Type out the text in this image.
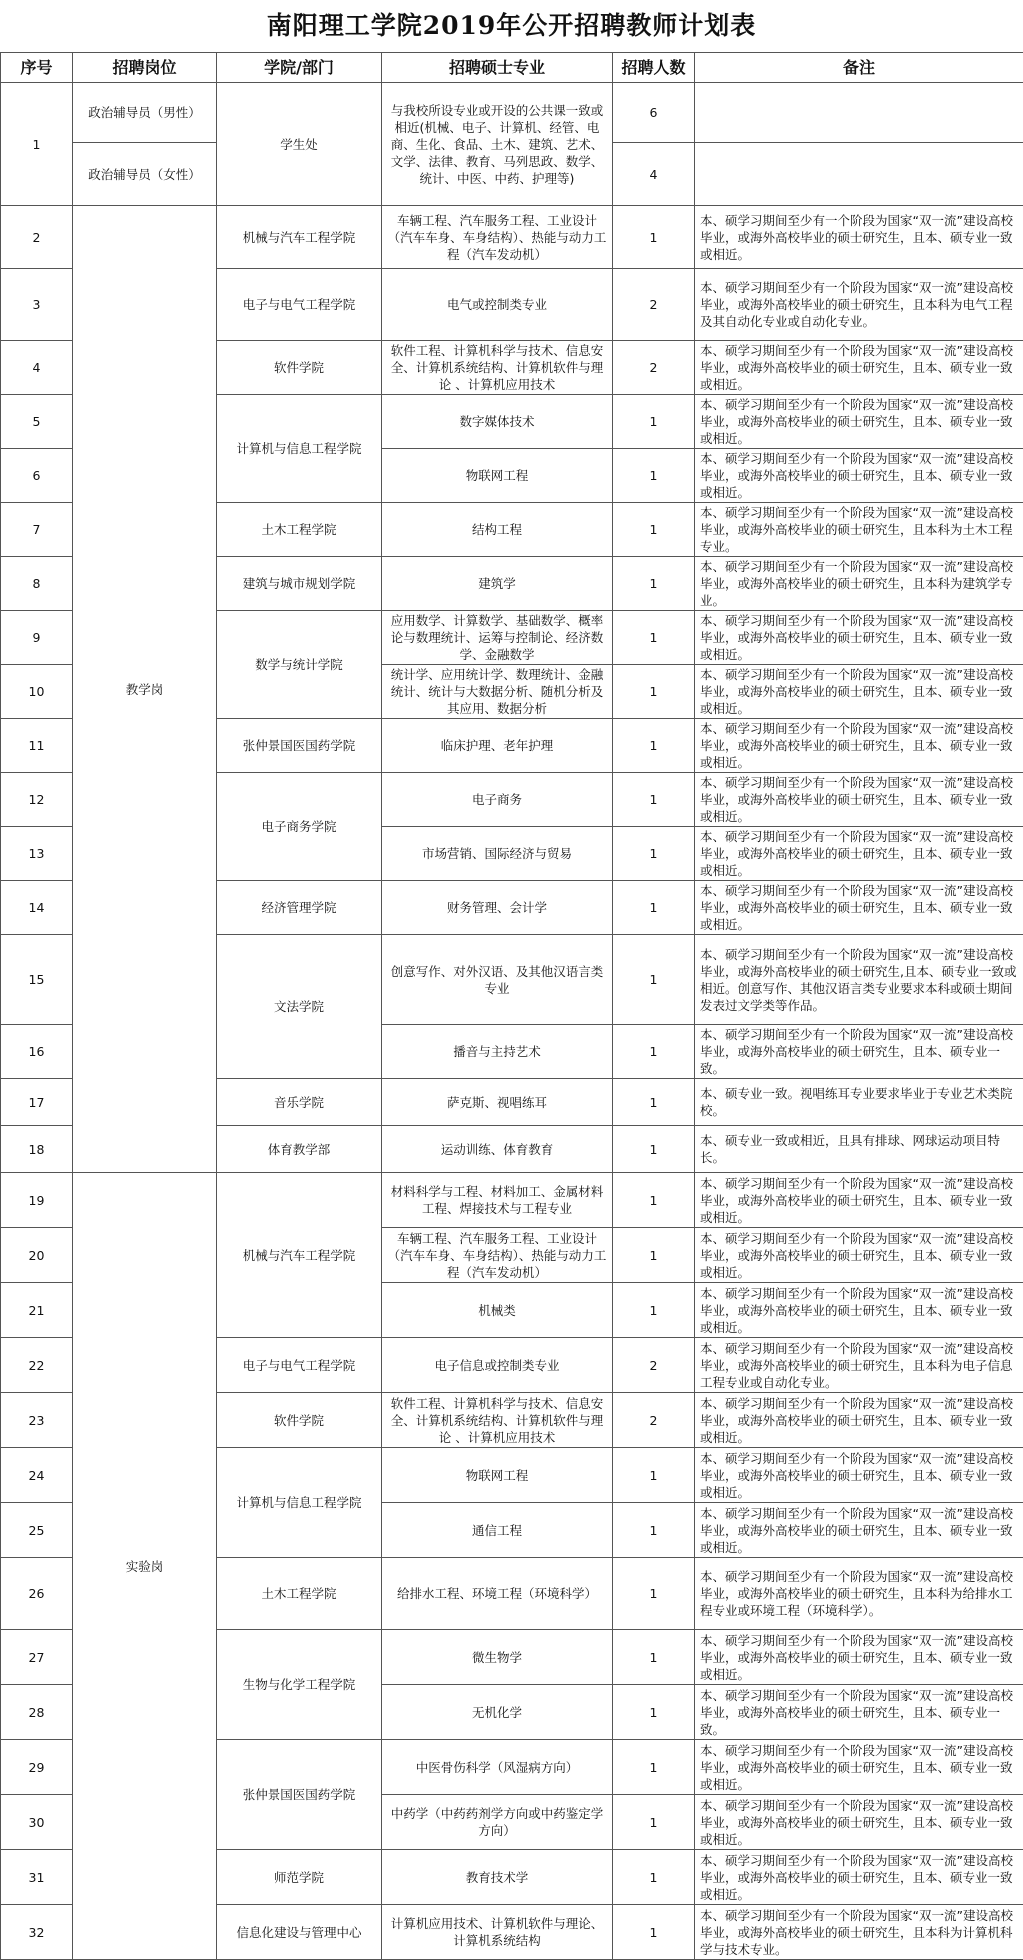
南阳理工学院2019年公开招聘教师计划表
序号	招聘岗位	学院/部门	招聘硕士专业	招聘人数	备注
1	政治辅导员（男性）	学生处	与我校所设专业或开设的公共课一致或相近(机械、电子、计算机、经管、电商、生化、食品、土木、建筑、艺术、文学、法律、教育、马列思政、数学、统计、中医、中药、护理等)	6	
	政治辅导员（女性）			4	
2	教学岗	机械与汽车工程学院	车辆工程、汽车服务工程、工业设计（汽车车身、车身结构）、热能与动力工程（汽车发动机）	1	本、硕学习期间至少有一个阶段为国家“双一流”建设高校毕业，或海外高校毕业的硕士研究生，且本、硕专业一致或相近。
3		电子与电气工程学院	电气或控制类专业	2	本、硕学习期间至少有一个阶段为国家“双一流”建设高校毕业，或海外高校毕业的硕士研究生，且本科为电气工程及其自动化专业或自动化专业。
4		软件学院	软件工程、计算机科学与技术、信息安全、计算机系统结构、计算机软件与理论 、计算机应用技术	2	本、硕学习期间至少有一个阶段为国家“双一流”建设高校毕业，或海外高校毕业的硕士研究生，且本、硕专业一致或相近。
5		计算机与信息工程学院	数字媒体技术	1	本、硕学习期间至少有一个阶段为国家“双一流”建设高校毕业，或海外高校毕业的硕士研究生，且本、硕专业一致或相近。
6			物联网工程	1	本、硕学习期间至少有一个阶段为国家“双一流”建设高校毕业，或海外高校毕业的硕士研究生，且本、硕专业一致或相近。
7		土木工程学院	结构工程	1	本、硕学习期间至少有一个阶段为国家“双一流”建设高校毕业，或海外高校毕业的硕士研究生，且本科为土木工程专业。
8		建筑与城市规划学院	建筑学	1	本、硕学习期间至少有一个阶段为国家“双一流”建设高校毕业，或海外高校毕业的硕士研究生，且本科为建筑学专业。
9		数学与统计学院	应用数学、计算数学、基础数学、概率论与数理统计、运筹与控制论、经济数学、金融数学	1	本、硕学习期间至少有一个阶段为国家“双一流”建设高校毕业，或海外高校毕业的硕士研究生，且本、硕专业一致或相近。
10			统计学、应用统计学、数理统计、金融统计、统计与大数据分析、随机分析及其应用、数据分析	1	本、硕学习期间至少有一个阶段为国家“双一流”建设高校毕业，或海外高校毕业的硕士研究生，且本、硕专业一致或相近。
11		张仲景国医国药学院	临床护理、老年护理	1	本、硕学习期间至少有一个阶段为国家“双一流”建设高校毕业，或海外高校毕业的硕士研究生，且本、硕专业一致或相近。
12		电子商务学院	电子商务	1	本、硕学习期间至少有一个阶段为国家“双一流”建设高校毕业，或海外高校毕业的硕士研究生，且本、硕专业一致或相近。
13			市场营销、国际经济与贸易	1	本、硕学习期间至少有一个阶段为国家“双一流”建设高校毕业，或海外高校毕业的硕士研究生，且本、硕专业一致或相近。
14		经济管理学院	财务管理、会计学	1	本、硕学习期间至少有一个阶段为国家“双一流”建设高校毕业，或海外高校毕业的硕士研究生，且本、硕专业一致或相近。
15		文法学院	创意写作、对外汉语、及其他汉语言类专业	1	本、硕学习期间至少有一个阶段为国家“双一流”建设高校毕业，或海外高校毕业的硕士研究生,且本、硕专业一致或相近。创意写作、其他汉语言类专业要求本科或硕士期间发表过文学类等作品。
16			播音与主持艺术	1	本、硕学习期间至少有一个阶段为国家“双一流”建设高校毕业，或海外高校毕业的硕士研究生，且本、硕专业一致。
17		音乐学院	萨克斯、视唱练耳	1	本、硕专业一致。视唱练耳专业要求毕业于专业艺术类院校。
18		体育教学部	运动训练、体育教育	1	本、硕专业一致或相近，且具有排球、网球运动项目特长。
19	实验岗	机械与汽车工程学院	材料科学与工程、材料加工、金属材料工程、焊接技术与工程专业	1	本、硕学习期间至少有一个阶段为国家“双一流”建设高校毕业，或海外高校毕业的硕士研究生，且本、硕专业一致或相近。
20			车辆工程、汽车服务工程、工业设计（汽车车身、车身结构）、热能与动力工程（汽车发动机）	1	本、硕学习期间至少有一个阶段为国家“双一流”建设高校毕业，或海外高校毕业的硕士研究生，且本、硕专业一致或相近。
21			机械类	1	本、硕学习期间至少有一个阶段为国家“双一流”建设高校毕业，或海外高校毕业的硕士研究生，且本、硕专业一致或相近。
22		电子与电气工程学院	电子信息或控制类专业	2	本、硕学习期间至少有一个阶段为国家“双一流”建设高校毕业，或海外高校毕业的硕士研究生，且本科为电子信息工程专业或自动化专业。
23		软件学院	软件工程、计算机科学与技术、信息安全、计算机系统结构、计算机软件与理论 、计算机应用技术	2	本、硕学习期间至少有一个阶段为国家“双一流”建设高校毕业，或海外高校毕业的硕士研究生，且本、硕专业一致或相近。
24		计算机与信息工程学院	物联网工程	1	本、硕学习期间至少有一个阶段为国家“双一流”建设高校毕业，或海外高校毕业的硕士研究生，且本、硕专业一致或相近。
25			通信工程	1	本、硕学习期间至少有一个阶段为国家“双一流”建设高校毕业，或海外高校毕业的硕士研究生，且本、硕专业一致或相近。
26		土木工程学院	给排水工程、环境工程（环境科学）	1	本、硕学习期间至少有一个阶段为国家“双一流”建设高校毕业，或海外高校毕业的硕士研究生，且本科为给排水工程专业或环境工程（环境科学）。
27		生物与化学工程学院	微生物学	1	本、硕学习期间至少有一个阶段为国家“双一流”建设高校毕业，或海外高校毕业的硕士研究生，且本、硕专业一致或相近。
28			无机化学	1	本、硕学习期间至少有一个阶段为国家“双一流”建设高校毕业，或海外高校毕业的硕士研究生，且本、硕专业一致。
29		张仲景国医国药学院	中医骨伤科学（风湿病方向）	1	本、硕学习期间至少有一个阶段为国家“双一流”建设高校毕业，或海外高校毕业的硕士研究生，且本、硕专业一致或相近。
30			中药学（中药药剂学方向或中药鉴定学方向）	1	本、硕学习期间至少有一个阶段为国家“双一流”建设高校毕业，或海外高校毕业的硕士研究生，且本、硕专业一致或相近。
31		师范学院	教育技术学	1	本、硕学习期间至少有一个阶段为国家“双一流”建设高校毕业，或海外高校毕业的硕士研究生，且本、硕专业一致或相近。
32		信息化建设与管理中心	计算机应用技术、计算机软件与理论、计算机系统结构	1	本、硕学习期间至少有一个阶段为国家“双一流”建设高校毕业，或海外高校毕业的硕士研究生，且本科为计算机科学与技术专业。
